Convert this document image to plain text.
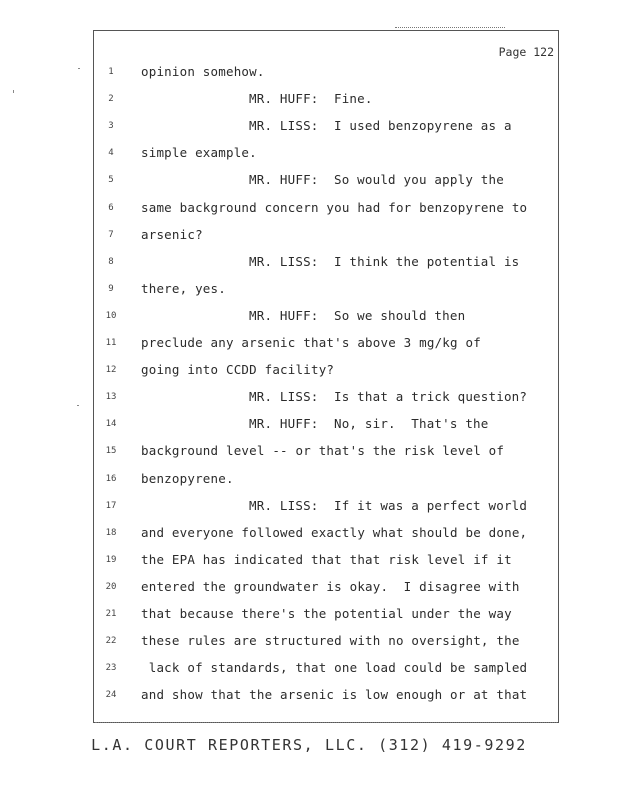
Page 122
1	opinion somehow.
2	MR. HUFF:  Fine.
3	MR. LISS:  I used benzopyrene as a
4	simple example.
5	MR. HUFF:  So would you apply the
6	same background concern you had for benzopyrene to
7	arsenic?
8	MR. LISS:  I think the potential is
9	there, yes.
10	MR. HUFF:  So we should then
11	preclude any arsenic that's above 3 mg/kg of
12	going into CCDD facility?
13	MR. LISS:  Is that a trick question?
14	MR. HUFF:  No, sir.  That's the
15	background level -- or that's the risk level of
16	benzopyrene.
17	MR. LISS:  If it was a perfect world
18	and everyone followed exactly what should be done,
19	the EPA has indicated that that risk level if it
20	entered the groundwater is okay.  I disagree with
21	that because there's the potential under the way
22	these rules are structured with no oversight, the
23	lack of standards, that one load could be sampled
24	and show that the arsenic is low enough or at that
L.A. COURT REPORTERS, LLC. (312) 419-9292
